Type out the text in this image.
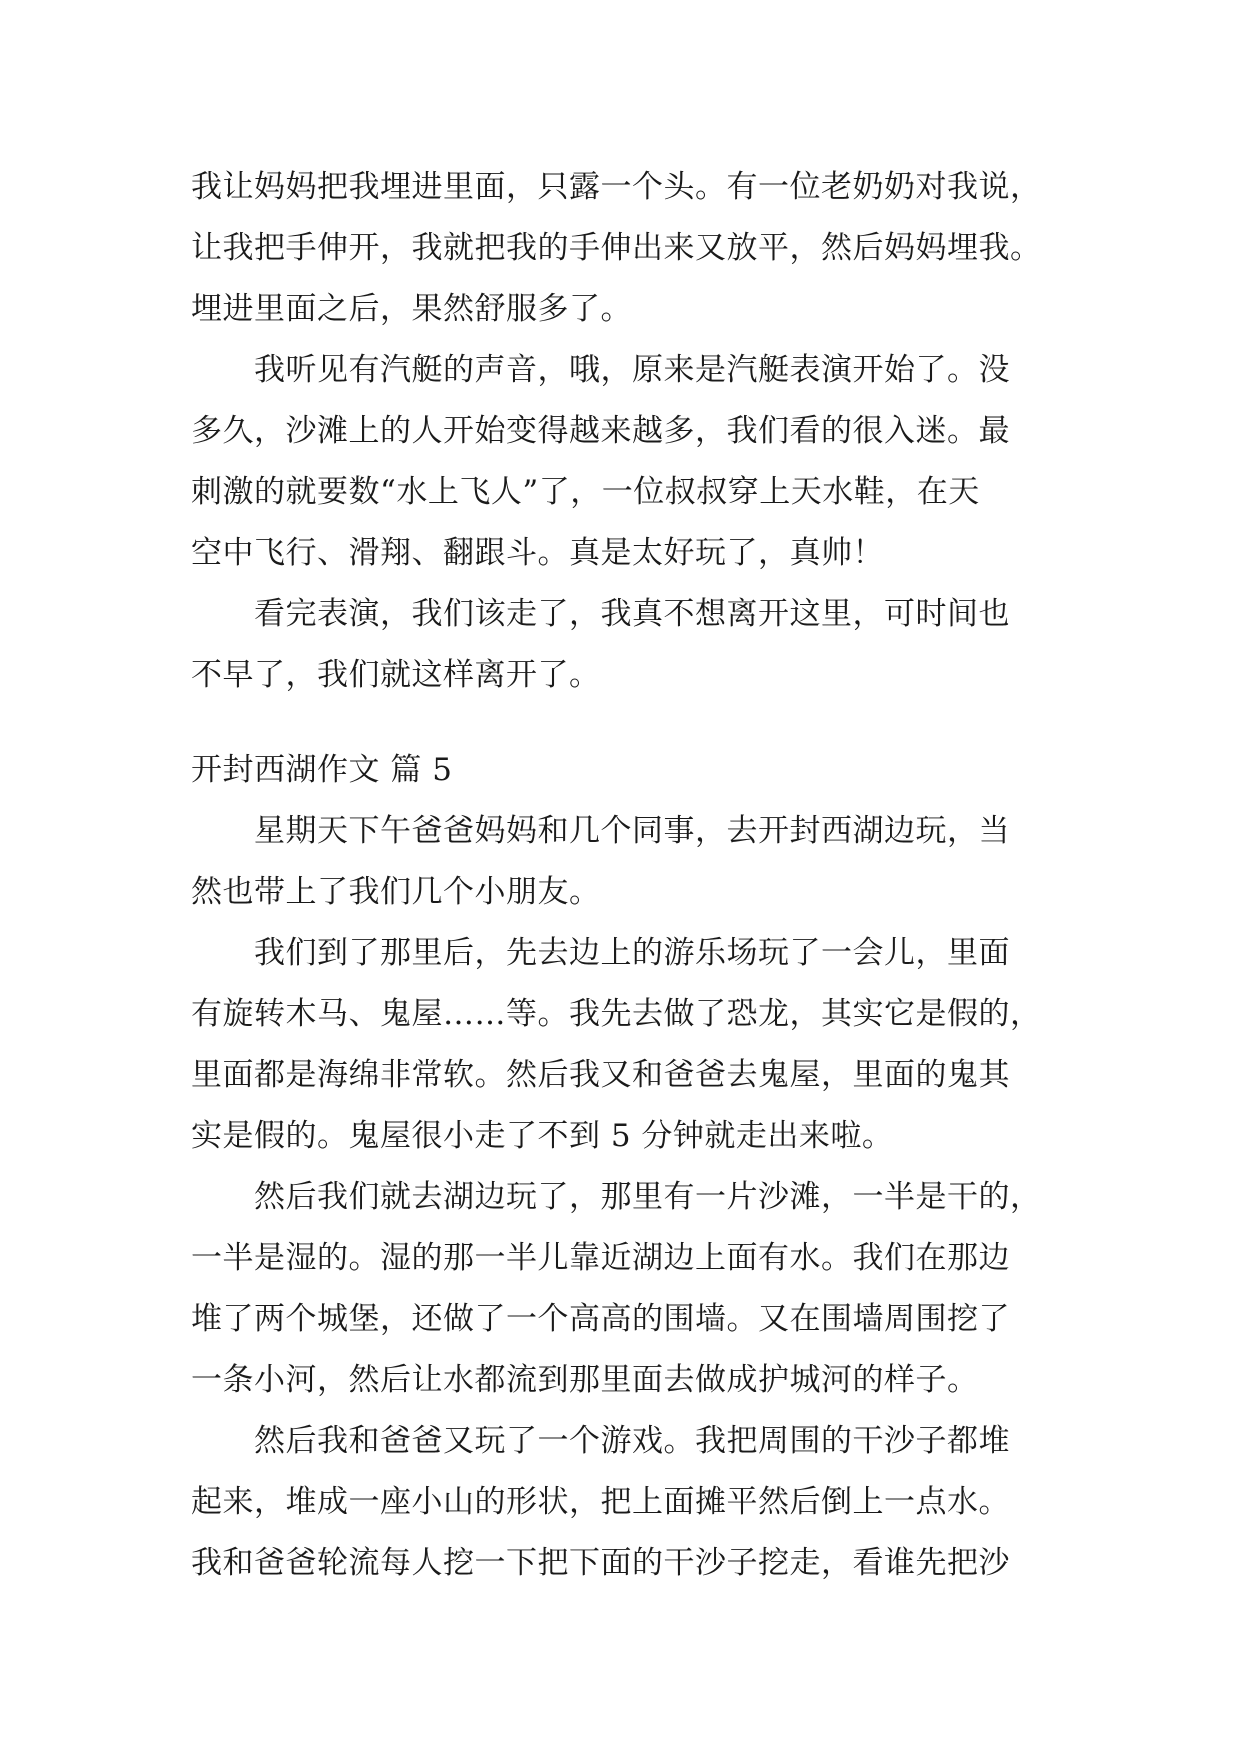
我让妈妈把我埋进里面，只露一个头。有一位老奶奶对我说，
让我把手伸开，我就把我的手伸出来又放平，然后妈妈埋我。
埋进里面之后，果然舒服多了。
　　我听见有汽艇的声音，哦，原来是汽艇表演开始了。没
多久，沙滩上的人开始变得越来越多，我们看的很入迷。最
刺激的就要数“水上飞人”了，一位叔叔穿上天水鞋，在天
空中飞行、滑翔、翻跟斗。真是太好玩了，真帅！
　　看完表演，我们该走了，我真不想离开这里，可时间也
不早了，我们就这样离开了。
开封西湖作文 篇 5
　　星期天下午爸爸妈妈和几个同事，去开封西湖边玩，当
然也带上了我们几个小朋友。
　　我们到了那里后，先去边上的游乐场玩了一会儿，里面
有旋转木马、鬼屋……等。我先去做了恐龙，其实它是假的，
里面都是海绵非常软。然后我又和爸爸去鬼屋，里面的鬼其
实是假的。鬼屋很小走了不到 5 分钟就走出来啦。
　　然后我们就去湖边玩了，那里有一片沙滩，一半是干的，
一半是湿的。湿的那一半儿靠近湖边上面有水。我们在那边
堆了两个城堡，还做了一个高高的围墙。又在围墙周围挖了
一条小河，然后让水都流到那里面去做成护城河的样子。
　　然后我和爸爸又玩了一个游戏。我把周围的干沙子都堆
起来，堆成一座小山的形状，把上面摊平然后倒上一点水。
我和爸爸轮流每人挖一下把下面的干沙子挖走，看谁先把沙
